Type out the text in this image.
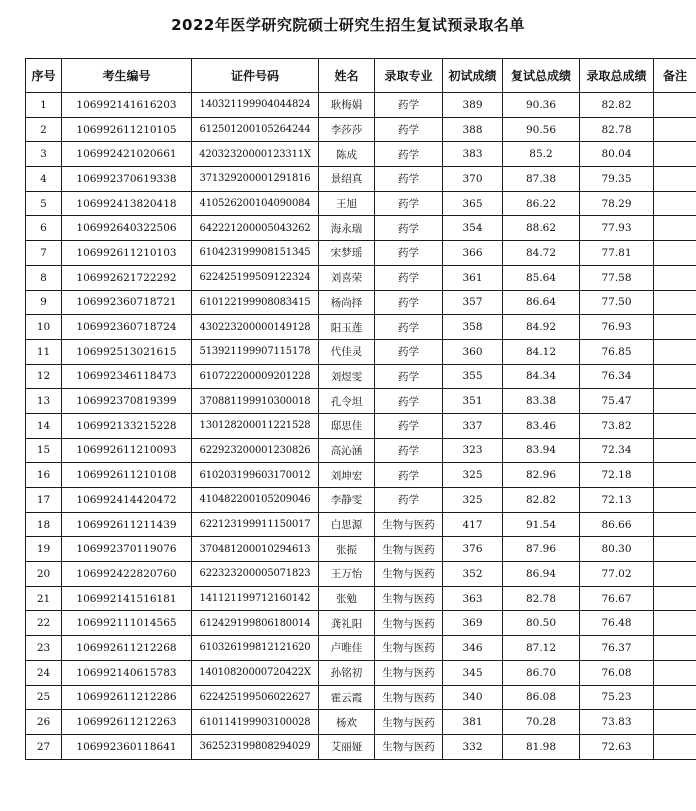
2022年医学研究院硕士研究生招生复试预录取名单
序号	考生编号	证件号码	姓名	录取专业	初试成绩	复试总成绩	录取总成绩	备注
1	106992141616203	140321199904044824	耿梅娟	药学	389	90.36	82.82	
2	106992611210105	612501200105264244	李莎莎	药学	388	90.56	82.78	
3	106992421020661	42032320000123311X	陈成	药学	383	85.2	80.04	
4	106992370619338	371329200001291816	景绍真	药学	370	87.38	79.35	
5	106992413820418	410526200104090084	王旭	药学	365	86.22	78.29	
6	106992640322506	642221200005043262	海永瑞	药学	354	88.62	77.93	
7	106992611210103	610423199908151345	宋梦瑶	药学	366	84.72	77.81	
8	106992621722292	622425199509122324	刘喜荣	药学	361	85.64	77.58	
9	106992360718721	610122199908083415	杨尚择	药学	357	86.64	77.50	
10	106992360718724	430223200000149128	阳玉莲	药学	358	84.92	76.93	
11	106992513021615	513921199907115178	代佳灵	药学	360	84.12	76.85	
12	106992346118473	610722200009201228	刘煜雯	药学	355	84.34	76.34	
13	106992370819399	370881199910300018	孔令坦	药学	351	83.38	75.47	
14	106992133215228	130128200011221528	邸思佳	药学	337	83.46	73.82	
15	106992611210093	622923200001230826	高沁涵	药学	323	83.94	72.34	
16	106992611210108	610203199603170012	刘坤宏	药学	325	82.96	72.18	
17	106992414420472	410482200105209046	李静雯	药学	325	82.82	72.13	
18	106992611211439	622123199911150017	白思源	生物与医药	417	91.54	86.66	
19	106992370119076	370481200010294613	张振	生物与医药	376	87.96	80.30	
20	106992422820760	622323200005071823	王万怡	生物与医药	352	86.94	77.02	
21	106992141516181	141121199712160142	张勉	生物与医药	363	82.78	76.67	
22	106992111014565	612429199806180014	龚礼阳	生物与医药	369	80.50	76.48	
23	106992611212268	610326199812121620	卢唯佳	生物与医药	346	87.12	76.37	
24	106992140615783	14010820000720422X	孙铭初	生物与医药	345	86.70	76.08	
25	106992611212286	622425199506022627	霍云霞	生物与医药	340	86.08	75.23	
26	106992611212263	610114199903100028	杨欢	生物与医药	381	70.28	73.83	
27	106992360118641	362523199808294029	艾丽娅	生物与医药	332	81.98	72.63	
